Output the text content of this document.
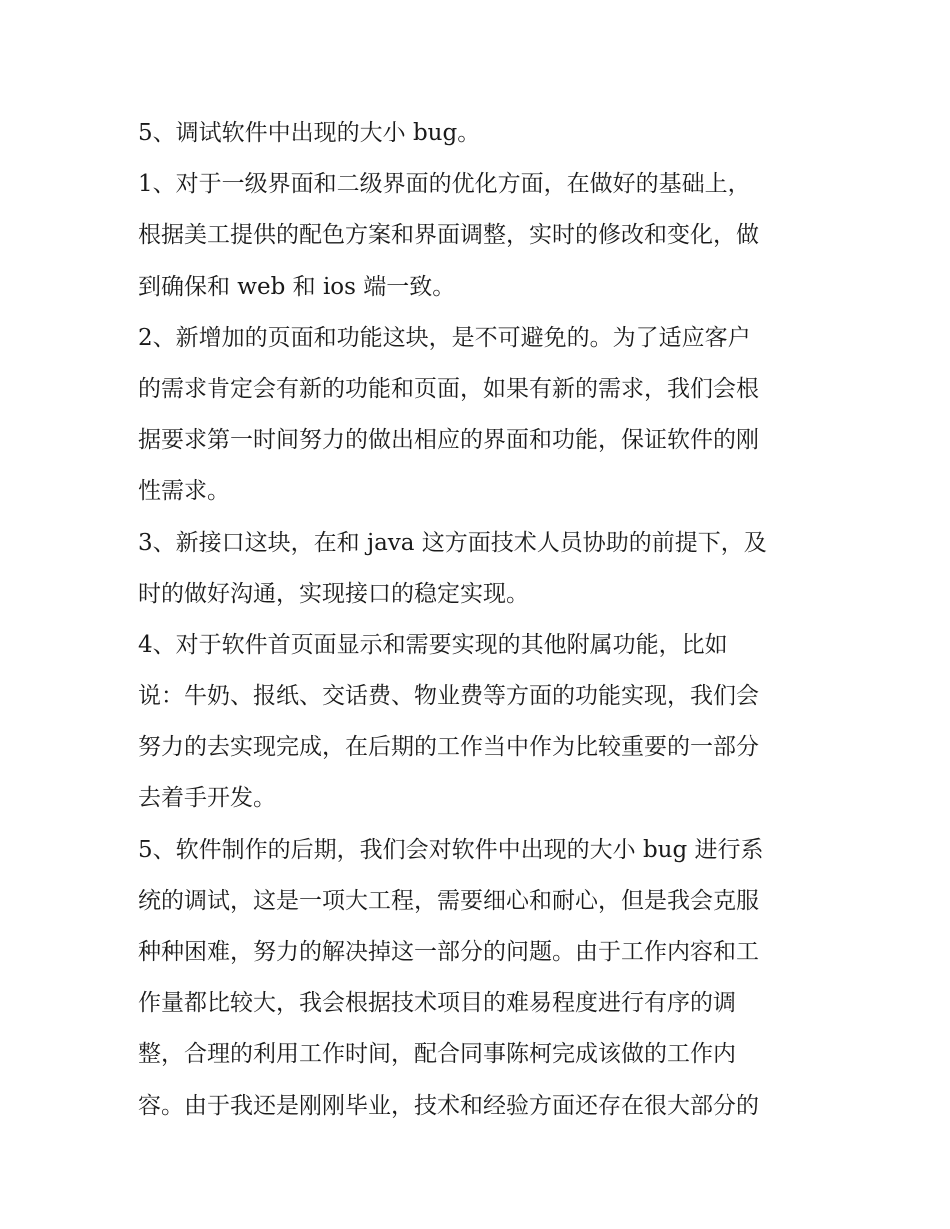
5、调试软件中出现的大小 bug。
1、对于一级界面和二级界面的优化方面，在做好的基础上，
根据美工提供的配色方案和界面调整，实时的修改和变化，做
到确保和 web 和 ios 端一致。
2、新增加的页面和功能这块，是不可避免的。为了适应客户
的需求肯定会有新的功能和页面，如果有新的需求，我们会根
据要求第一时间努力的做出相应的界面和功能，保证软件的刚
性需求。
3、新接口这块，在和 java 这方面技术人员协助的前提下，及
时的做好沟通，实现接口的稳定实现。
4、对于软件首页面显示和需要实现的其他附属功能，比如
说：牛奶、报纸、交话费、物业费等方面的功能实现，我们会
努力的去实现完成，在后期的工作当中作为比较重要的一部分
去着手开发。
5、软件制作的后期，我们会对软件中出现的大小 bug 进行系
统的调试，这是一项大工程，需要细心和耐心，但是我会克服
种种困难，努力的解决掉这一部分的问题。由于工作内容和工
作量都比较大，我会根据技术项目的难易程度进行有序的调
整，合理的利用工作时间，配合同事陈柯完成该做的工作内
容。由于我还是刚刚毕业，技术和经验方面还存在很大部分的
